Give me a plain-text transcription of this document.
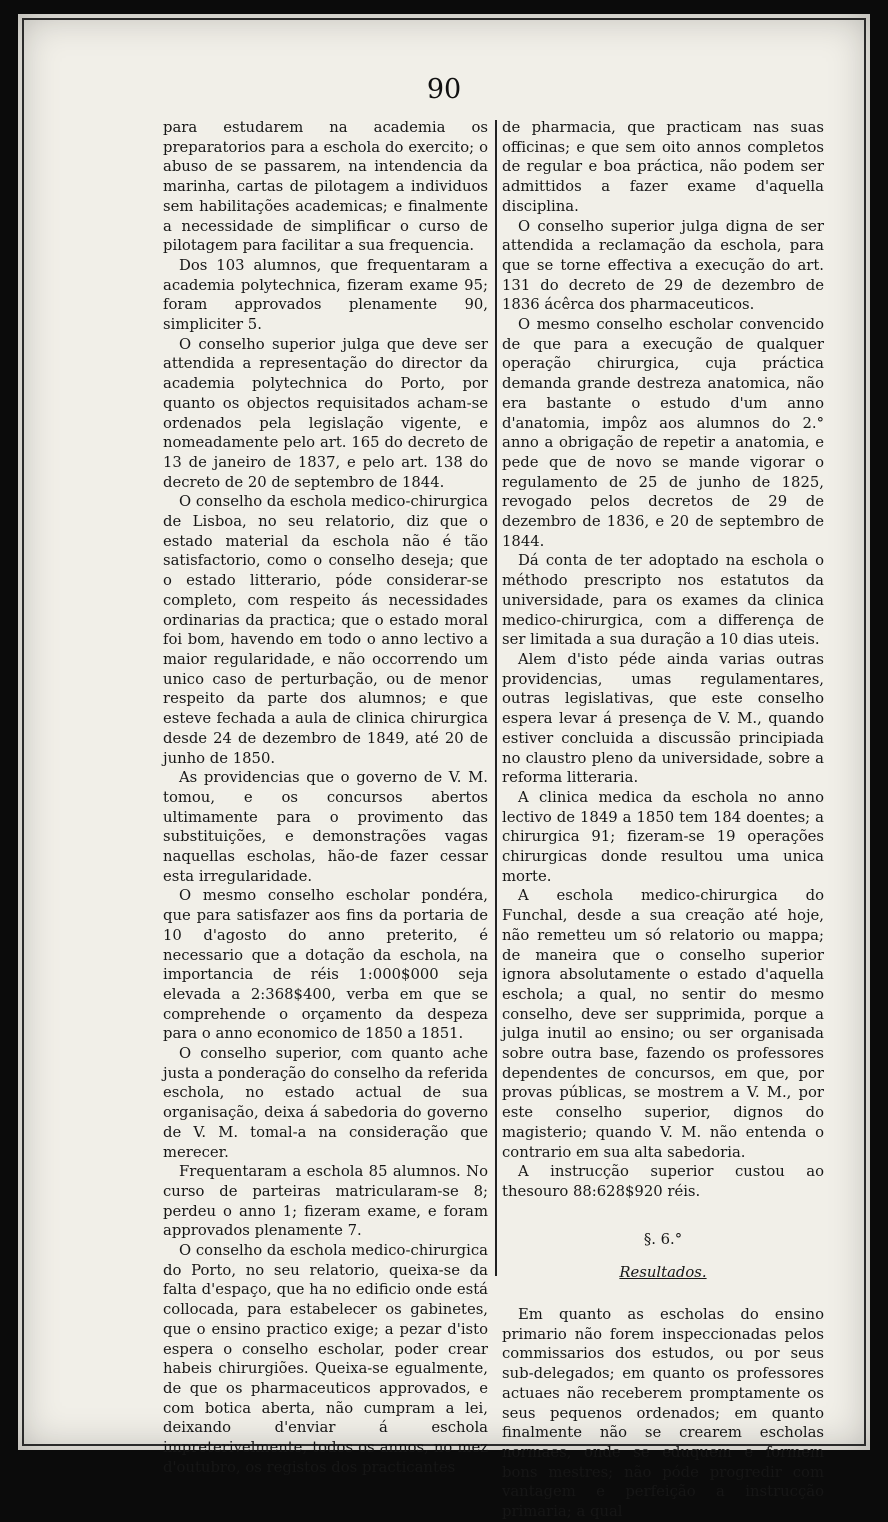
90

para estudarem na academia os preparatorios para a eschola do exercito; o abuso de se passarem, na intendencia da marinha, cartas de pilotagem a individuos sem habilitações academicas; e finalmente a necessidade de simplificar o curso de pilotagem para facilitar a sua frequencia.

Dos 103 alumnos, que frequentaram a academia polytechnica, fizeram exame 95; foram approvados plenamente 90, simpliciter 5.

O conselho superior julga que deve ser attendida a representação do director da academia polytechnica do Porto, por quanto os objectos requisitados acham-se ordenados pela legislação vigente, e nomeadamente pelo art. 165 do decreto de 13 de janeiro de 1837, e pelo art. 138 do decreto de 20 de septembro de 1844.

O conselho da eschola medico-chirurgica de Lisboa, no seu relatorio, diz que o estado material da eschola não é tão satisfactorio, como o conselho deseja; que o estado litterario, póde considerar-se completo, com respeito ás necessidades ordinarias da practica; que o estado moral foi bom, havendo em todo o anno lectivo a maior regularidade, e não occorrendo um unico caso de perturbação, ou de menor respeito da parte dos alumnos; e que esteve fechada a aula de clinica chirurgica desde 24 de dezembro de 1849, até 20 de junho de 1850.

As providencias que o governo de V. M. tomou, e os concursos abertos ultimamente para o provimento das substituições, e demonstrações vagas naquellas escholas, hão-de fazer cessar esta irregularidade.

O mesmo conselho escholar pondéra, que para satisfazer aos fins da portaria de 10 d'agosto do anno preterito, é necessario que a dotação da eschola, na importancia de réis 1:000$000 seja elevada a 2:368$400, verba em que se comprehende o orçamento da despeza para o anno economico de 1850 a 1851.

O conselho superior, com quanto ache justa a ponderação do conselho da referida eschola, no estado actual de sua organisação, deixa á sabedoria do governo de V. M. tomal-a na consideração que merecer.

Frequentaram a eschola 85 alumnos. No curso de parteiras matricularam-se 8; perdeu o anno 1; fizeram exame, e foram approvados plenamente 7.

O conselho da eschola medico-chirurgica do Porto, no seu relatorio, queixa-se da falta d'espaço, que ha no edificio onde está collocada, para estabelecer os gabinetes, que o ensino practico exige; a pezar d'isto espera o conselho escholar, poder crear habeis chirurgiões. Queixa-se egualmente, de que os pharmaceuticos approvados, e com botica aberta, não cumpram a lei, deixando d'enviar á eschola impreterivelmente, todos os annos, no mez d'outubro, os registos dos practicantes

de pharmacia, que practicam nas suas officinas; e que sem oito annos completos de regular e boa práctica, não podem ser admittidos a fazer exame d'aquella disciplina.

O conselho superior julga digna de ser attendida a reclamação da eschola, para que se torne effectiva a execução do art. 131 do decreto de 29 de dezembro de 1836 ácêrca dos pharmaceuticos.

O mesmo conselho escholar convencido de que para a execução de qualquer operação chirurgica, cuja práctica demanda grande destreza anatomica, não era bastante o estudo d'um anno d'anatomia, impôz aos alumnos do 2.° anno a obrigação de repetir a anatomia, e pede que de novo se mande vigorar o regulamento de 25 de junho de 1825, revogado pelos decretos de 29 de dezembro de 1836, e 20 de septembro de 1844.

Dá conta de ter adoptado na eschola o méthodo prescripto nos estatutos da universidade, para os exames da clinica medico-chirurgica, com a differença de ser limitada a sua duração a 10 dias uteis.

Alem d'isto péde ainda varias outras providencias, umas regulamentares, outras legislativas, que este conselho espera levar á presença de V. M., quando estiver concluida a discussão principiada no claustro pleno da universidade, sobre a reforma litteraria.

A clinica medica da eschola no anno lectivo de 1849 a 1850 tem 184 doentes; a chirurgica 91; fizeram-se 19 operações chirurgicas donde resultou uma unica morte.

A eschola medico-chirurgica do Funchal, desde a sua creação até hoje, não remetteu um só relatorio ou mappa; de maneira que o conselho superior ignora absolutamente o estado d'aquella eschola; a qual, no sentir do mesmo conselho, deve ser supprimida, porque a julga inutil ao ensino; ou ser organisada sobre outra base, fazendo os professores dependentes de concursos, em que, por provas públicas, se mostrem a V. M., por este conselho superior, dignos do magisterio; quando V. M. não entenda o contrario em sua alta sabedoria.

A instrucção superior custou ao thesouro 88:628$920 réis.

§. 6.°

Resultados.

Em quanto as escholas do ensino primario não forem inspeccionadas pelos commissarios dos estudos, ou por seus sub-delegados; em quanto os professores actuaes não receberem promptamente os seus pequenos ordenados; em quanto finalmente não se crearem escholas normaes, onde se eduquem e formem bons mestres; não póde progredir com vantagem e perfeição a instrucção primaria; a qual
